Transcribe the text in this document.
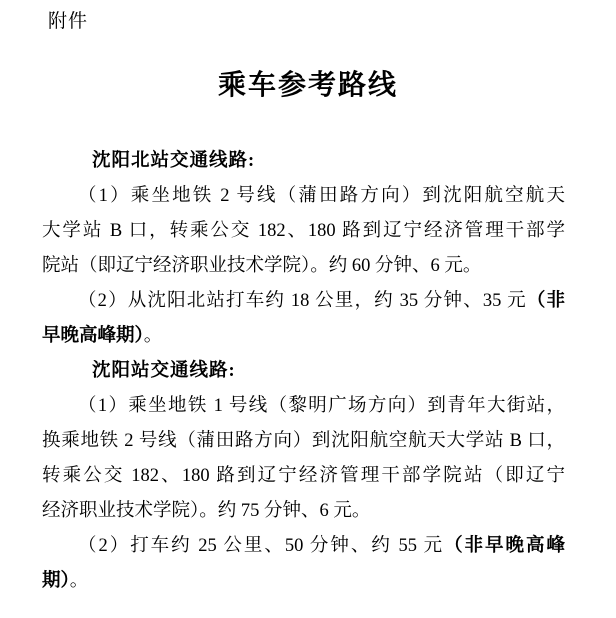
附件
乘车参考路线
沈阳北站交通线路:
（1）乘坐地铁 2 号线（蒲田路方向）到沈阳航空航天
大学站 B 口，转乘公交 182、180 路到辽宁经济管理干部学
院站（即辽宁经济职业技术学院）。约 60 分钟、6 元。
（2）从沈阳北站打车约 18 公里，约 35 分钟、35 元（非
早晚高峰期）。
沈阳站交通线路:
（1）乘坐地铁 1 号线（黎明广场方向）到青年大街站，
换乘地铁 2 号线（蒲田路方向）到沈阳航空航天大学站 B 口，
转乘公交 182、180 路到辽宁经济管理干部学院站（即辽宁
经济职业技术学院）。约 75 分钟、6 元。
（2）打车约 25 公里、50 分钟、约 55 元（非早晚高峰
期）。
